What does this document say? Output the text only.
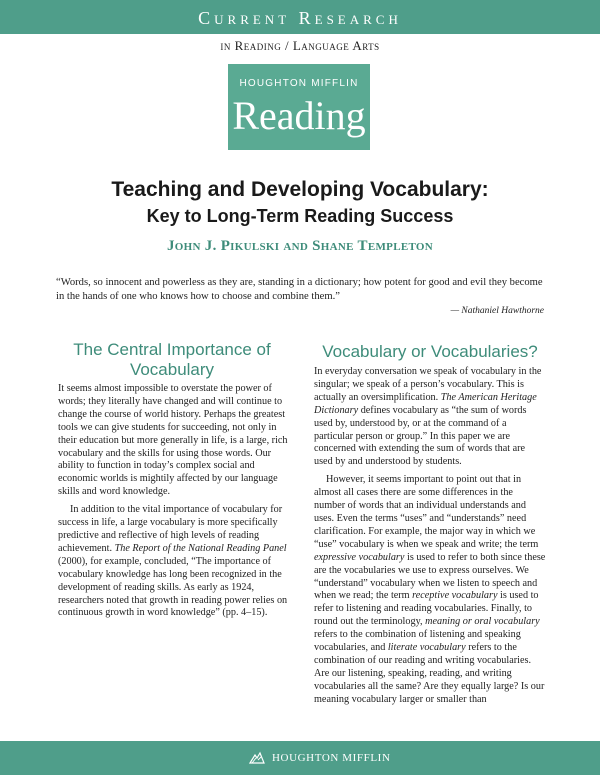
Current Research
in Reading / Language Arts
HOUGHTON MIFFLIN
Reading
Teaching and Developing Vocabulary:
Key to Long-Term Reading Success
John J. Pikulski and Shane Templeton
“Words, so innocent and powerless as they are, standing in a dictionary; how potent for good and evil they become in the hands of one who knows how to choose and combine them.”
— Nathaniel Hawthorne
The Central Importance of Vocabulary

It seems almost impossible to overstate the power of words; they literally have changed and will continue to change the course of world history. Perhaps the greatest tools we can give students for succeeding, not only in their education but more generally in life, is a large, rich vocabulary and the skills for using those words. Our ability to function in today’s complex social and economic worlds is mightily affected by our language skills and word knowledge.

In addition to the vital importance of vocabulary for success in life, a large vocabulary is more specifically predictive and reflective of high levels of reading achievement. The Report of the National Reading Panel (2000), for example, concluded, “The importance of vocabulary knowledge has long been recognized in the development of reading skills. As early as 1924, researchers noted that growth in reading power relies on continuous growth in word knowledge” (pp. 4–15).

Vocabulary or Vocabularies?

In everyday conversation we speak of vocabulary in the singular; we speak of a person’s vocabulary. This is actually an oversimplification. The American Heritage Dictionary defines vocabulary as “the sum of words used by, understood by, or at the command of a particular person or group.” In this paper we are concerned with extending the sum of words that are used by and understood by students.

However, it seems important to point out that in almost all cases there are some differences in the number of words that an individual understands and uses. Even the terms “uses” and “understands” need clarification. For example, the major way in which we “use” vocabulary is when we speak and write; the term expressive vocabulary is used to refer to both since these are the vocabularies we use to express ourselves. We “understand” vocabulary when we listen to speech and when we read; the term receptive vocabulary is used to refer to listening and reading vocabularies. Finally, to round out the terminology, meaning or oral vocabulary refers to the combination of listening and speaking vocabularies, and literate vocabulary refers to the combination of our reading and writing vocabularies. Are our listening, speaking, reading, and writing vocabularies all the same? Are they equally large? Is our meaning vocabulary larger or smaller than

HOUGHTON MIFFLIN
